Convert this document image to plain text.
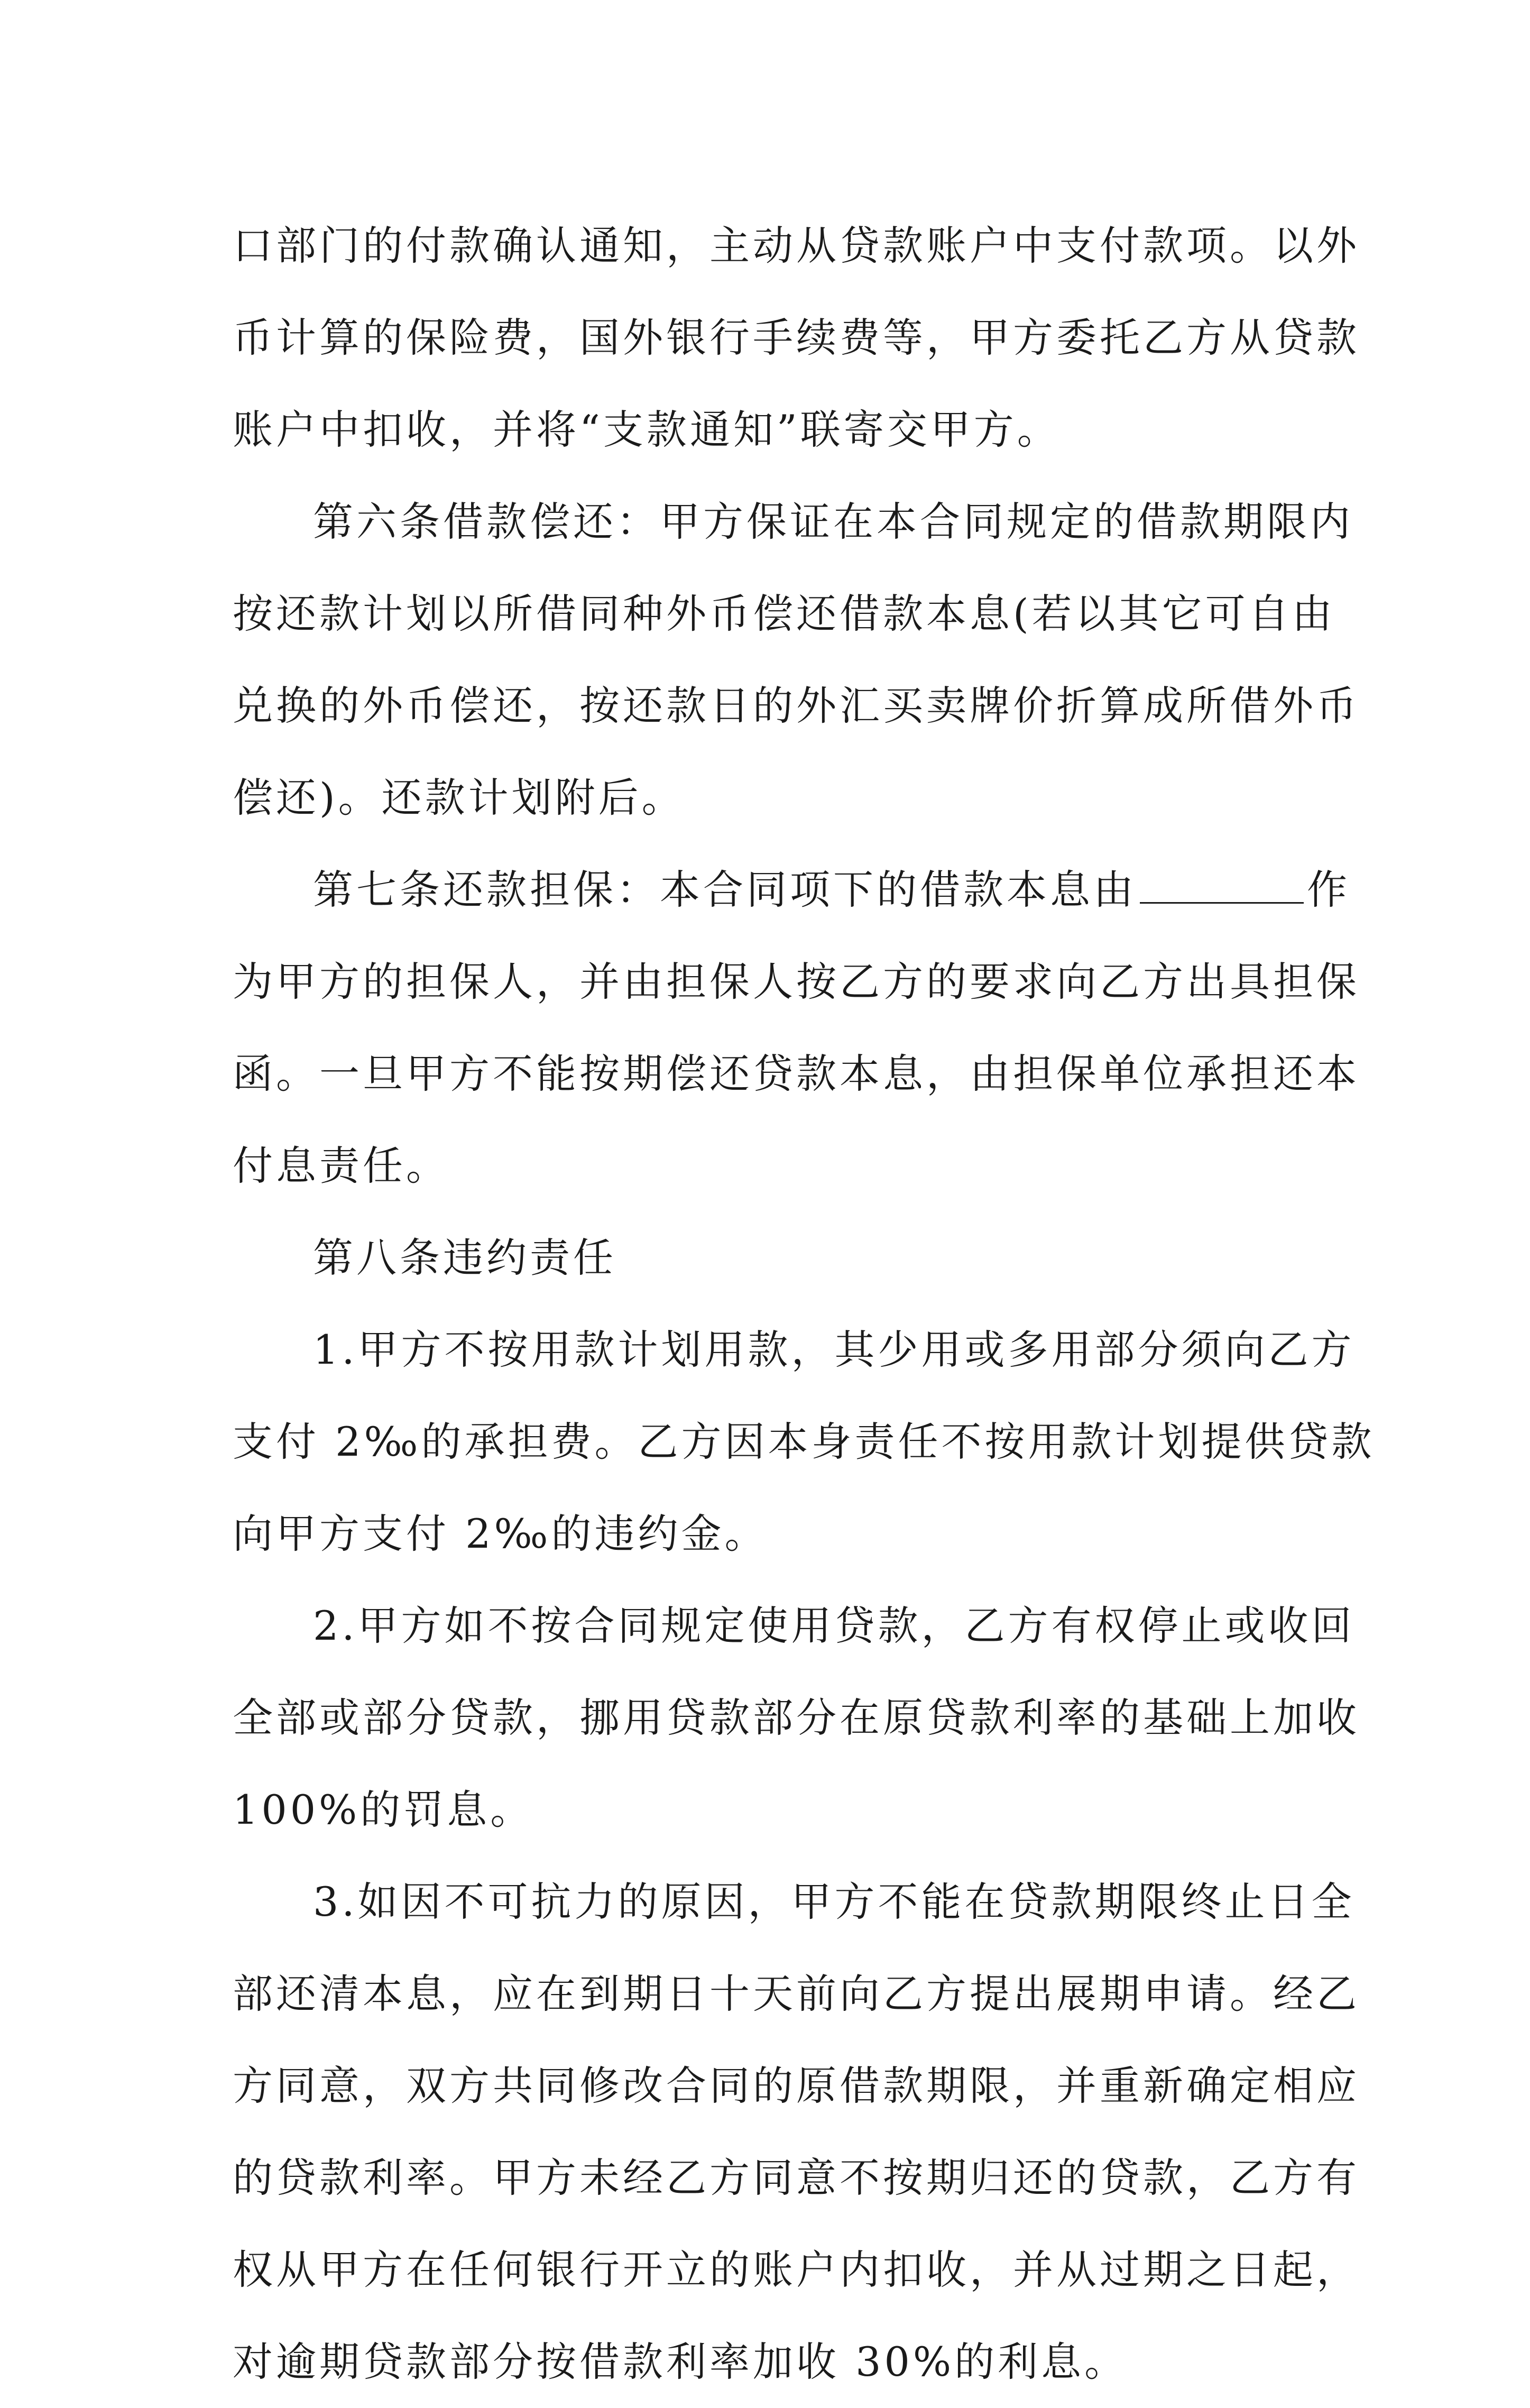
口部门的付款确认通知，主动从贷款账户中支付款项。以外
币计算的保险费，国外银行手续费等，甲方委托乙方从贷款
账户中扣收，并将“支款通知”联寄交甲方。
第六条借款偿还：甲方保证在本合同规定的借款期限内
按还款计划以所借同种外币偿还借款本息(若以其它可自由
兑换的外币偿还，按还款日的外汇买卖牌价折算成所借外币
偿还)。还款计划附后。
第七条还款担保：本合同项下的借款本息由	作
为甲方的担保人，并由担保人按乙方的要求向乙方出具担保
函。一旦甲方不能按期偿还贷款本息，由担保单位承担还本
付息责任。
第八条违约责任
1.甲方不按用款计划用款，其少用或多用部分须向乙方
支付 2‰的承担费。乙方因本身责任不按用款计划提供贷款
向甲方支付 2‰的违约金。
2.甲方如不按合同规定使用贷款，乙方有权停止或收回
全部或部分贷款，挪用贷款部分在原贷款利率的基础上加收
100%的罚息。
3.如因不可抗力的原因，甲方不能在贷款期限终止日全
部还清本息，应在到期日十天前向乙方提出展期申请。经乙
方同意，双方共同修改合同的原借款期限，并重新确定相应
的贷款利率。甲方未经乙方同意不按期归还的贷款，乙方有
权从甲方在任何银行开立的账户内扣收，并从过期之日起，
对逾期贷款部分按借款利率加收 30%的利息。
